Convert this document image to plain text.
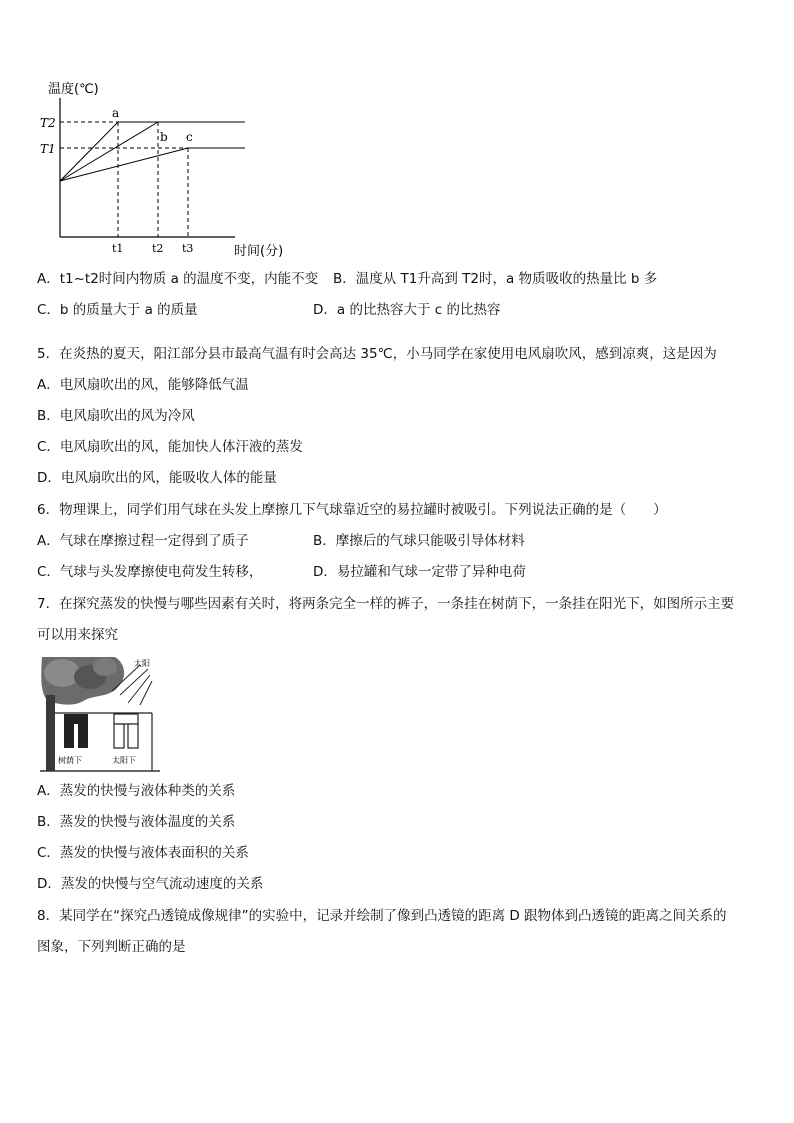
温度(℃)
时间(分)
T2
T1
t1	t2 t3
a
b c
A．t1~t2时间内物质 a 的温度不变，内能不变 B．温度从 T1升高到 T2时，a 物质吸收的热量比 b 多
C．b 的质量大于 a 的质量	D．a 的比热容大于 c 的比热容
5．在炎热的夏天，阳江部分县市最高气温有时会高达 35℃，小马同学在家使用电风扇吹风，感到凉爽，这是因为
A．电风扇吹出的风，能够降低气温
B．电风扇吹出的风为冷风
C．电风扇吹出的风，能加快人体汗液的蒸发
D．电风扇吹出的风，能吸收人体的能量
6．物理课上，同学们用气球在头发上摩擦几下气球靠近空的易拉罐时被吸引。下列说法正确的是（　　）
A．气球在摩擦过程一定得到了质子	B．摩擦后的气球只能吸引导体材料
C．气球与头发摩擦使电荷发生转移，	D．易拉罐和气球一定带了异种电荷
7．在探究蒸发的快慢与哪些因素有关时，将两条完全一样的裤子，一条挂在树荫下，一条挂在阳光下，如图所示主要
可以用来探究
太阳
树荫下	太阳下
A．蒸发的快慢与液体种类的关系
B．蒸发的快慢与液体温度的关系
C．蒸发的快慢与液体表面积的关系
D．蒸发的快慢与空气流动速度的关系
8．某同学在“探究凸透镜成像规律”的实验中，记录并绘制了像到凸透镜的距离 D 跟物体到凸透镜的距离之间关系的
图象，下列判断正确的是
